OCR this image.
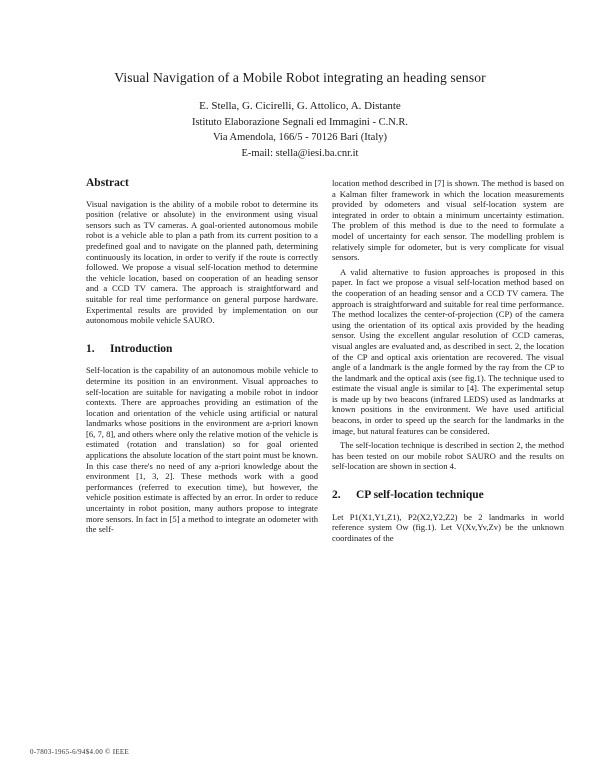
Visual Navigation of a Mobile Robot integrating an heading sensor
E. Stella, G. Cicirelli, G. Attolico, A. Distante
Istituto Elaborazione Segnali ed Immagini - C.N.R.
Via Amendola, 166/5 - 70126 Bari (Italy)
E-mail: stella@iesi.ba.cnr.it
Abstract

Visual navigation is the ability of a mobile robot to determine its position (relative or absolute) in the environment using visual sensors such as TV cameras. A goal-oriented autonomous mobile robot is a vehicle able to plan a path from its current position to a predefined goal and to navigate on the planned path, determining continuously its location, in order to verify if the route is correctly followed. We propose a visual self-location method to determine the vehicle location, based on cooperation of an heading sensor and a CCD TV camera. The approach is straightforward and suitable for real time performance on general purpose hardware. Experimental results are provided by implementation on our autonomous mobile vehicle SAURO.

1. Introduction

Self-location is the capability of an autonomous mobile vehicle to determine its position in an environment. Visual approaches to self-location are suitable for navigating a mobile robot in indoor contexts. There are approaches providing an estimation of the location and orientation of the vehicle using artificial or natural landmarks whose positions in the environment are a-priori known [6, 7, 8], and others where only the relative motion of the vehicle is estimated (rotation and translation) so for goal oriented applications the absolute location of the start point must be known. In this case there's no need of any a-priori knowledge about the environment [1, 3, 2]. These methods work with a good performances (referred to execution time), but however, the vehicle position estimate is affected by an error. In order to reduce uncertainty in robot position, many authors propose to integrate more sensors. In fact in [5] a method to integrate an odometer with the self-

location method described in [7] is shown. The method is based on a Kalman filter framework in which the location measurements provided by odometers and visual self-location system are integrated in order to obtain a minimum uncertainty estimation. The problem of this method is due to the need to formulate a model of uncertainty for each sensor. The modelling problem is relatively simple for odometer, but is very complicate for visual sensors.

A valid alternative to fusion approaches is proposed in this paper. In fact we propose a visual self-location method based on the cooperation of an heading sensor and a CCD TV camera. The approach is straightforward and suitable for real time performance. The method localizes the center-of-projection (CP) of the camera using the orientation of its optical axis provided by the heading sensor. Using the excellent angular resolution of CCD cameras, visual angles are evaluated and, as described in sect. 2, the location of the CP and optical axis orientation are recovered. The visual angle of a landmark is the angle formed by the ray from the CP to the landmark and the optical axis (see fig.1). The technique used to estimate the visual angle is similar to [4]. The experimental setup is made up by two beacons (infrared LEDS) used as landmarks at known positions in the environment. We have used artificial beacons, in order to speed up the search for the landmarks in the image, but natural features can be considered.

The self-location technique is described in section 2, the method has been tested on our mobile robot SAURO and the results on self-location are shown in section 4.

2. CP self-location technique

Let P1(X1,Y1,Z1), P2(X2,Y2,Z2) be 2 landmarks in world reference system Ow (fig.1). Let V(Xv,Yv,Zv) be the unknown coordinates of the

0-7803-1965-6/94$4.00 © IEEE
